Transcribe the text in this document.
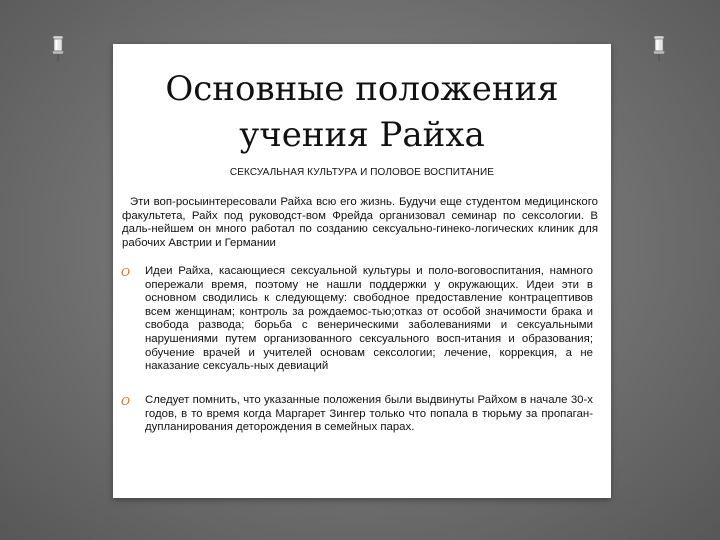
Основные положения
учения Райха
СЕКСУАЛЬНАЯ КУЛЬТУРА И ПОЛОВОЕ ВОСПИТАНИЕ
Эти воп-росыинтересовали Райха всю его жизнь. Будучи еще студентом медицинского факультета, Райх под руководст-вом Фрейда организовал семинар по сексологии. В даль-нейшем он много работал по созданию сексуально-гинеко-логических клиник для рабочих Австрии и Германии
O Идеи Райха, касающиеся сексуальной культуры и поло-воговоспитания, намного опережали время, поэтому не нашли поддержки у окружающих. Идеи эти в основном сводились к следующему: свободное предоставление контрацептивов всем женщинам; контроль за рождаемос-тью;отказ от особой значимости брака и свобода развода; борьба с венерическими заболеваниями и сексуальными нарушениями путем организованного сексуального восп-итания и образования; обучение врачей и учителей основам сексологии; лечение, коррекция, а не наказание сексуаль-ных девиаций
O Следует помнить, что указанные положения были выдвинуты Райхом в начале 30-х годов, в то время когда Маргарет Зингер только что попала в тюрьму за пропаган-дупланирования деторождения в семейных парах.
